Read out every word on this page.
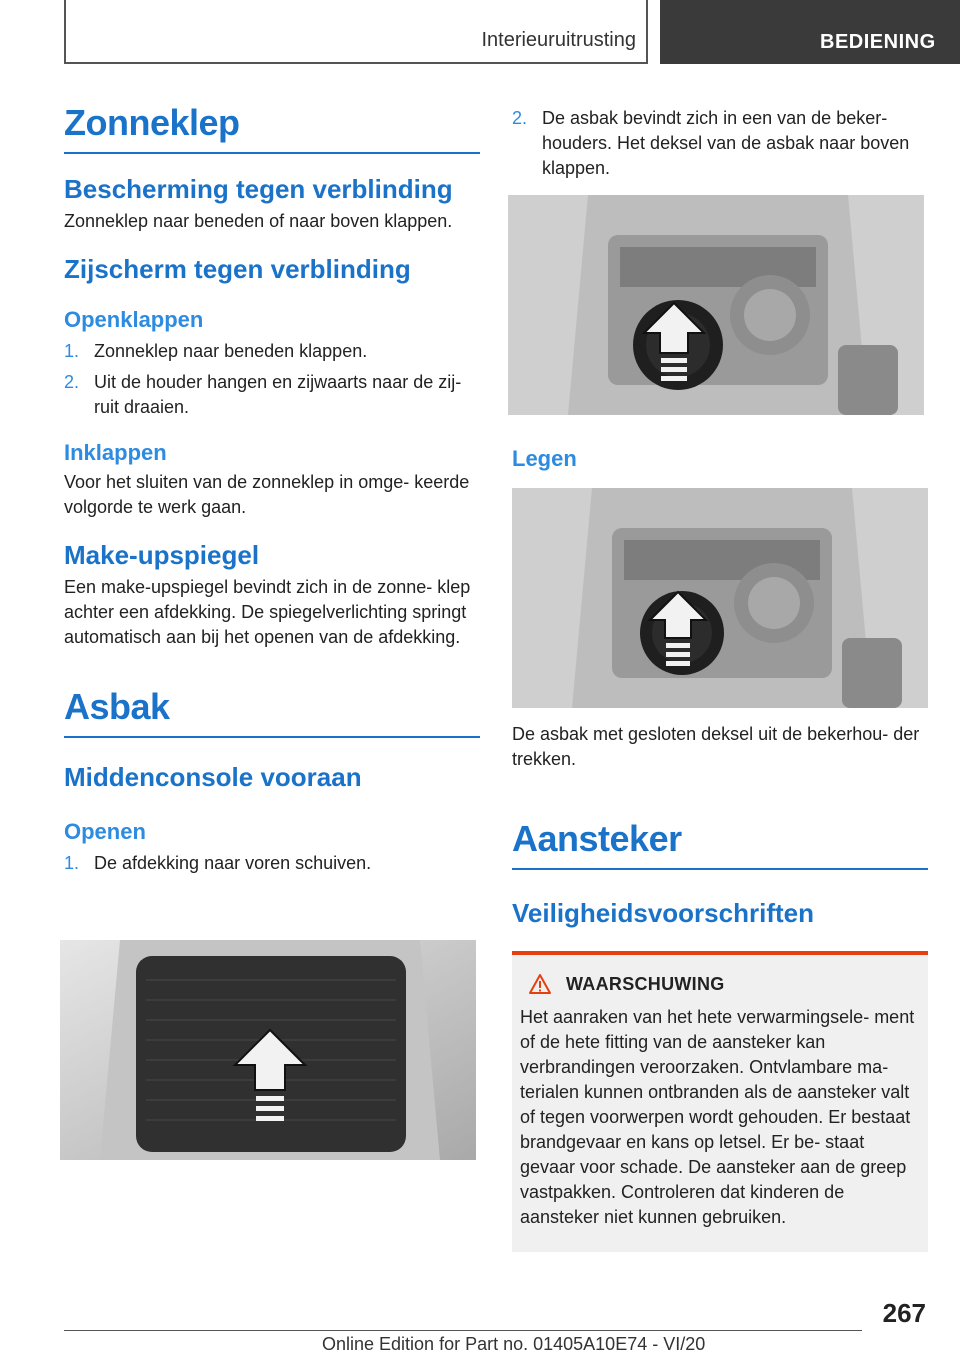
Interieuruitrusting	BEDIENING
Zonneklep
Bescherming tegen verblinding

Zonneklep naar beneden of naar boven klappen.

Zijscherm tegen verblinding
Openklappen
1. Zonneklep naar beneden klappen.
2. Uit de houder hangen en zijwaarts naar de zij- ruit draaien.
Inklappen

Voor het sluiten van de zonneklep in omge- keerde volgorde te werk gaan.

Make-upspiegel

Een make-upspiegel bevindt zich in de zonne- klep achter een afdekking. De spiegelverlichting springt automatisch aan bij het openen van de afdekking.

Asbak
Middenconsole vooraan
Openen
1. De afdekking naar voren schuiven.
2. De asbak bevindt zich in een van de beker- houders. Het deksel van de asbak naar boven klappen.
Legen

De asbak met gesloten deksel uit de bekerhou- der trekken.

Aansteker
Veiligheidsvoorschriften
WAARSCHUWING

Het aanraken van het hete verwarmingsele- ment of de hete fitting van de aansteker kan verbrandingen veroorzaken. Ontvlambare ma- terialen kunnen ontbranden als de aansteker valt of tegen voorwerpen wordt gehouden. Er bestaat brandgevaar en kans op letsel. Er be- staat gevaar voor schade. De aansteker aan de greep vastpakken. Controleren dat kinderen de aansteker niet kunnen gebruiken.

267
Online Edition for Part no. 01405A10E74 - VI/20
